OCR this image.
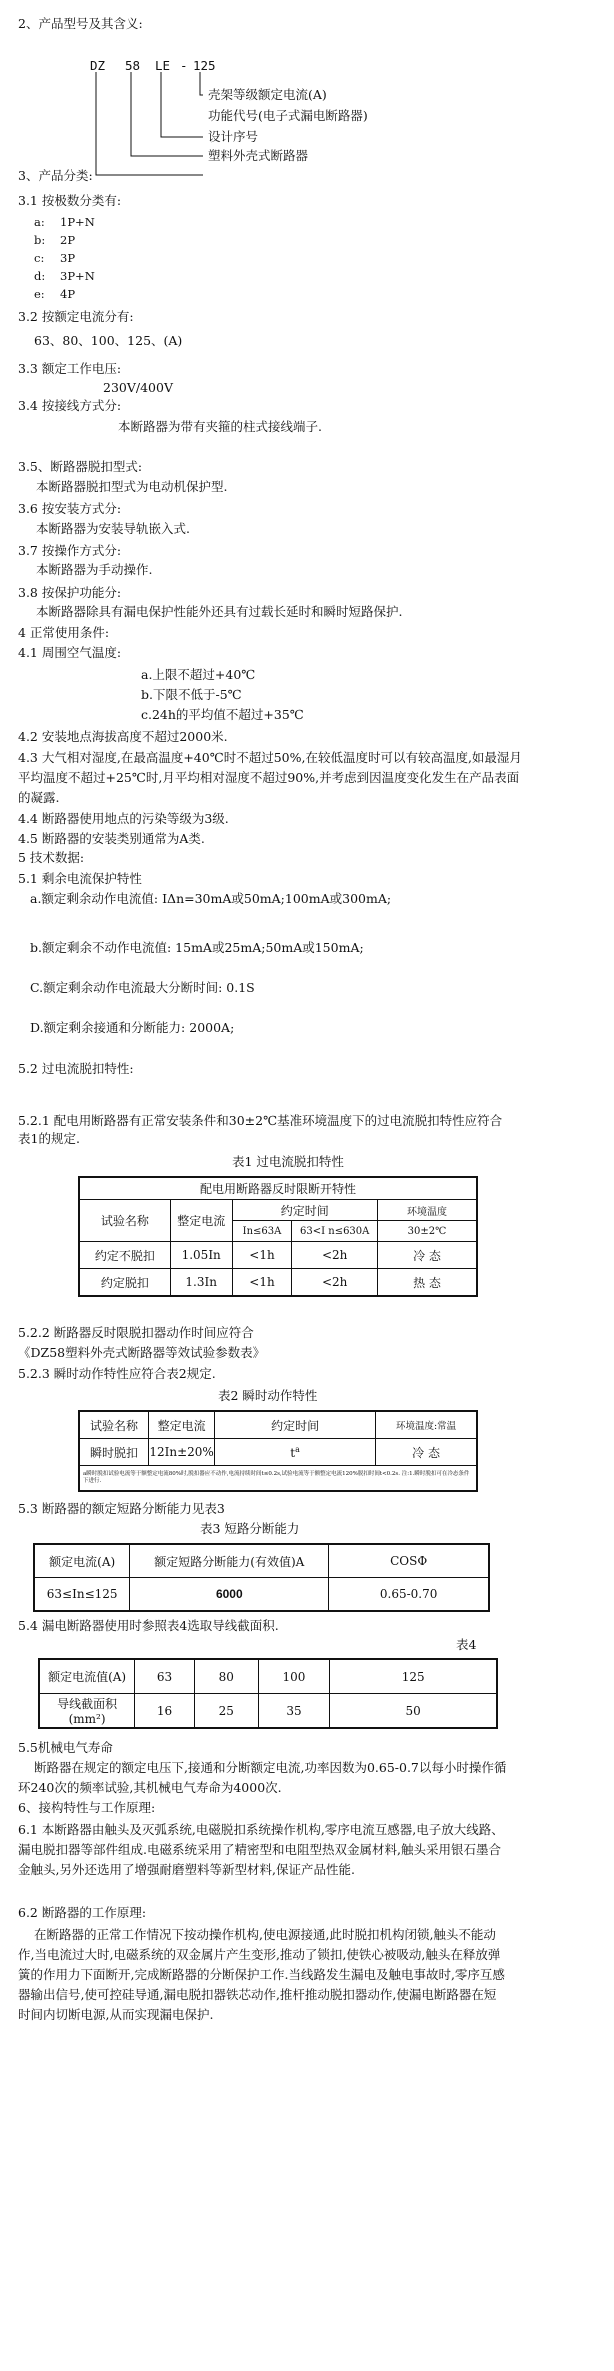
2、产品型号及其含义:
DZ 58 LE - 125
壳架等级额定电流(A)
功能代号(电子式漏电断路器)
设计序号
塑料外壳式断路器
3、产品分类:
3.1 按极数分类有:
a: 1P+N
b: 2P
c: 3P
d: 3P+N
e: 4P
3.2 按额定电流分有:
63、80、100、125、(A)
3.3 额定工作电压:
230V/400V
3.4 按接线方式分:
本断路器为带有夹箍的柱式接线端子.
3.5、断路器脱扣型式:
本断路器脱扣型式为电动机保护型.
3.6 按安装方式分:
本断路器为安装导轨嵌入式.
3.7 按操作方式分:
本断路器为手动操作.
3.8 按保护功能分:
本断路器除具有漏电保护性能外还具有过载长延时和瞬时短路保护.
4 正常使用条件:
4.1 周围空气温度:
a.上限不超过+40℃
b.下限不低于-5℃
c.24h的平均值不超过+35℃
4.2 安装地点海拔高度不超过2000米.
4.3 大气相对湿度,在最高温度+40℃时不超过50%,在较低温度时可以有较高温度,如最湿月
平均温度不超过+25℃时,月平均相对湿度不超过90%,并考虑到因温度变化发生在产品表面
的凝露.
4.4 断路器使用地点的污染等级为3级.
4.5 断路器的安装类别通常为A类.
5 技术数据:
5.1 剩余电流保护特性
a.额定剩余动作电流值: IΔn=30mA或50mA;100mA或300mA;
b.额定剩余不动作电流值: 15mA或25mA;50mA或150mA;
C.额定剩余动作电流最大分断时间: 0.1S
D.额定剩余接通和分断能力: 2000A;
5.2 过电流脱扣特性:
5.2.1 配电用断路器有正常安装条件和30±2℃基准环境温度下的过电流脱扣特性应符合
表1的规定.
表1 过电流脱扣特性
配电用断路器反时限断开特性				
试验名称	整定电流	约定时间		环境温度
		In≤63A	63<I n≤630A	30±2℃
约定不脱扣	1.05In	<1h	<2h	冷 态
约定脱扣	1.3In	<1h	<2h	热 态
5.2.2 断路器反时限脱扣器动作时间应符合
《DZ58塑料外壳式断路器等效试验参数表》
5.2.3 瞬时动作特性应符合表2规定.
表2 瞬时动作特性
试验名称	整定电流	约定时间	环境温度:常温
瞬时脱扣	12In±20%	$t^a$	冷 态
a瞬时脱扣试验电流等于额整定电流80%时,脱扣器应不动作,电流持续时间t≤0.2s,试验电流等于额整定电流120%脱扣时间t<0.2s. 注:1.瞬时脱扣可在冷态条件下进行.			
5.3 断路器的额定短路分断能力见表3
表3 短路分断能力
额定电流(A)	额定短路分断能力(有效值)A	COSΦ
63≤In≤125	6000	0.65-0.70
5.4 漏电断路器使用时参照表4选取导线截面积.
表4
额定电流值(A)	63	80	100	125
导线截面积 (mm²)	16	25	35	50
5.5机械电气寿命
断路器在规定的额定电压下,接通和分断额定电流,功率因数为0.65-0.7以每小时操作循
环240次的频率试验,其机械电气寿命为4000次.
6、接构特性与工作原理:
6.1 本断路器由触头及灭弧系统,电磁脱扣系统操作机构,零序电流互感器,电子放大线路、
漏电脱扣器等部件组成.电磁系统采用了精密型和电阻型热双金属材料,触头采用银石墨合
金触头,另外还选用了增强耐磨塑料等新型材料,保证产品性能.
6.2 断路器的工作原理:
在断路器的正常工作情况下按动操作机构,使电源接通,此时脱扣机构闭锁,触头不能动
作,当电流过大时,电磁系统的双金属片产生变形,推动了锁扣,使铁心被吸动,触头在释放弹
簧的作用力下面断开,完成断路器的分断保护工作.当线路发生漏电及触电事故时,零序互感
器输出信号,使可控硅导通,漏电脱扣器铁芯动作,推杆推动脱扣器动作,使漏电断路器在短
时间内切断电源,从而实现漏电保护.
